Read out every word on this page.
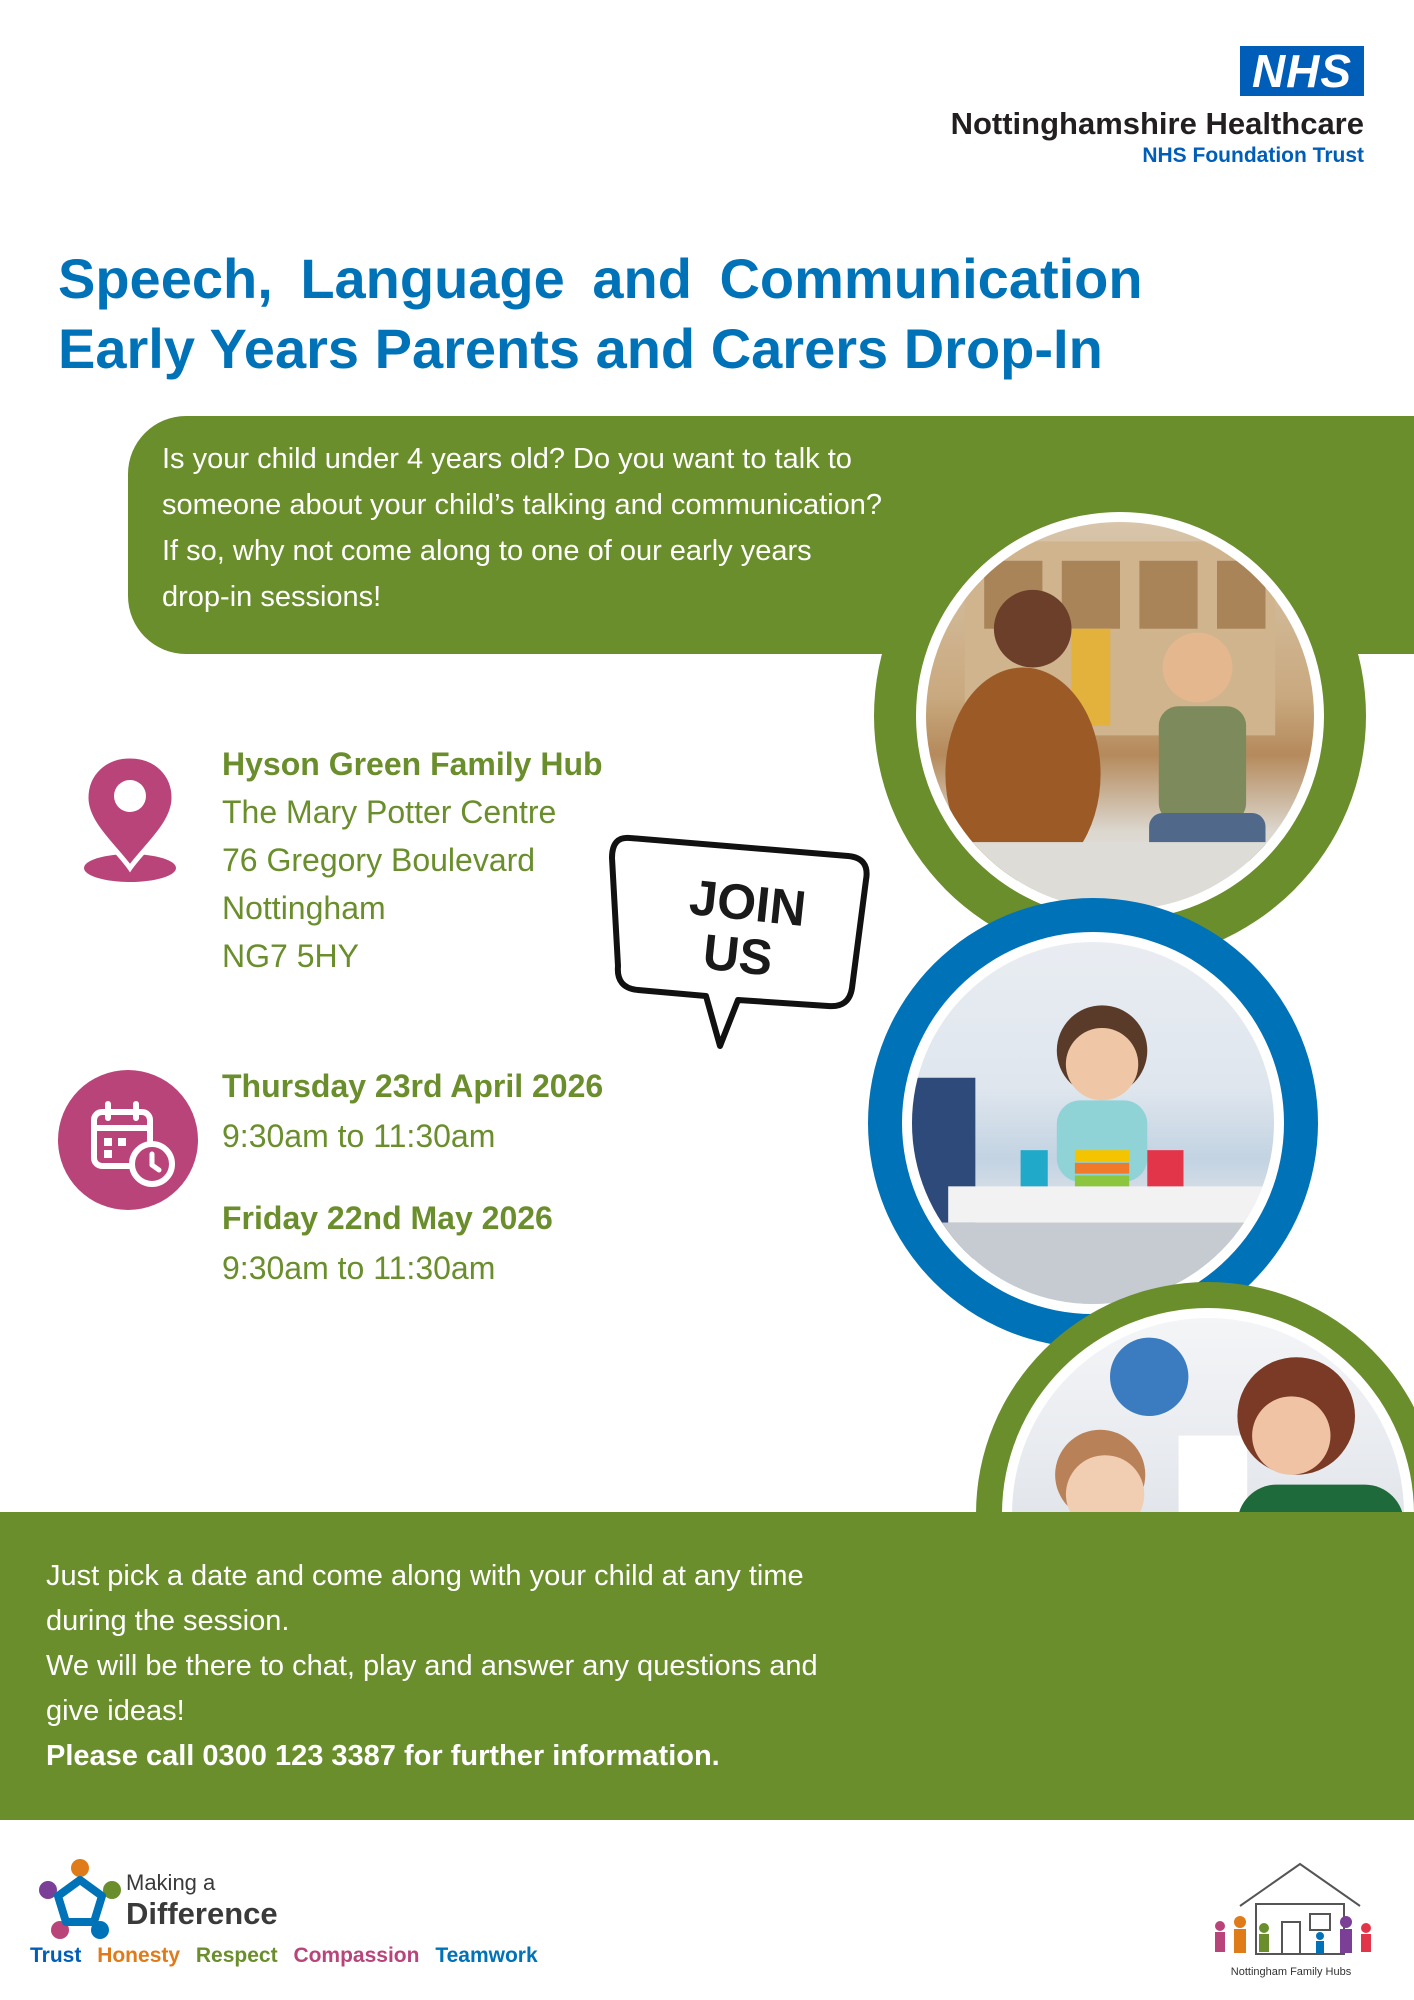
NHS
Nottinghamshire Healthcare
NHS Foundation Trust
Speech, Language and Communication
Early Years Parents and Carers Drop-In
Is your child under 4 years old? Do you want to talk to
someone about your child’s talking and communication?
If so, why not come along to one of our early years
drop-in sessions!
Hyson Green Family Hub
The Mary Potter Centre
76 Gregory Boulevard
Nottingham
NG7 5HY
JOIN
US
Thursday 23rd April 2026
9:30am to 11:30am
Friday 22nd May 2026
9:30am to 11:30am
Just pick a date and come along with your child at any time
during the session.
We will be there to chat, play and answer any questions and
give ideas!
Please call 0300 123 3387 for further information.
Making a
Difference
Trust Honesty Respect Compassion Teamwork
Nottingham Family Hubs
